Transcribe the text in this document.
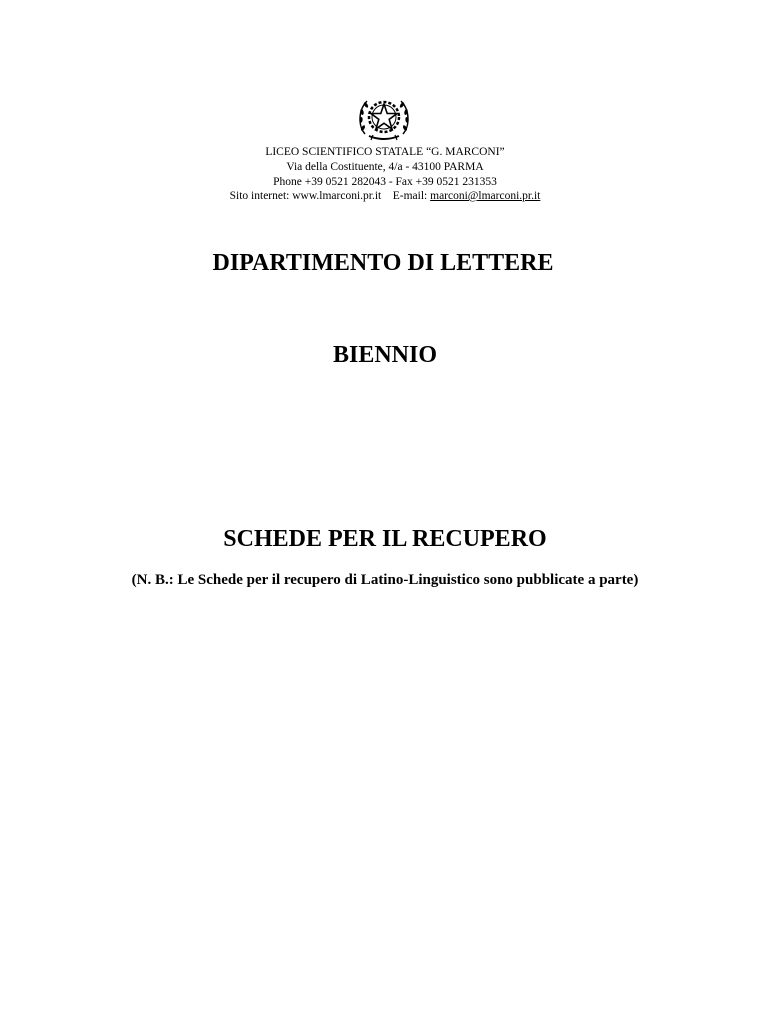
LICEO SCIENTIFICO STATALE “G. MARCONI”
Via della Costituente, 4/a - 43100 PARMA
Phone +39 0521 282043 - Fax +39 0521 231353
Sito internet: www.lmarconi.pr.it E-mail: marconi@lmarconi.pr.it
DIPARTIMENTO DI LETTERE
BIENNIO
SCHEDE PER IL RECUPERO
(N. B.: Le Schede per il recupero di Latino-Linguistico sono pubblicate a parte)
